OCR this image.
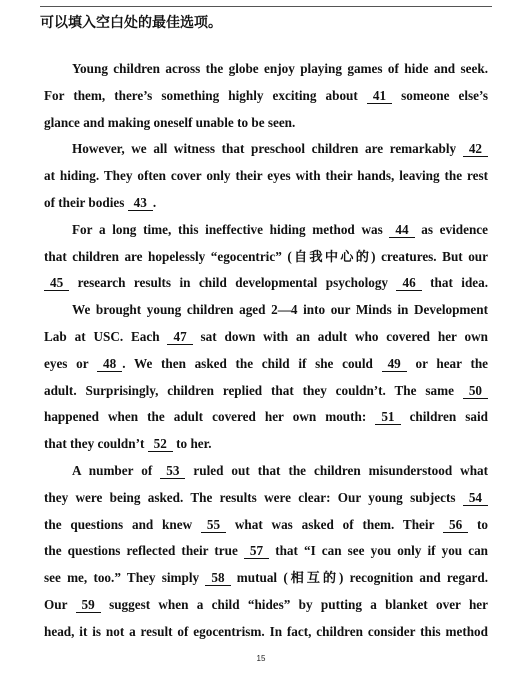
可以填入空白处的最佳选项。
Young children across the globe enjoy playing games of hide and seek.
For them, there’s something highly exciting about 41 someone else’s
glance and making oneself unable to be seen.
However, we all witness that preschool children are remarkably 42
at hiding. They often cover only their eyes with their hands, leaving the rest
of their bodies 43 .
For a long time, this ineffective hiding method was 44 as evidence
that children are hopelessly “egocentric” (自我中心的) creatures. But our
45 research results in child developmental psychology 46 that idea.
We brought young children aged 2—4 into our Minds in Development
Lab at USC. Each 47 sat down with an adult who covered her own
eyes or 48 . We then asked the child if she could 49 or hear the
adult. Surprisingly, children replied that they couldn’t. The same 50
happened when the adult covered her own mouth: 51 children said
that they couldn’t 52 to her.
A number of 53 ruled out that the children misunderstood what
they were being asked. The results were clear: Our young subjects 54
the questions and knew 55 what was asked of them. Their 56 to
the questions reflected their true 57 that “I can see you only if you can
see me, too.” They simply 58 mutual (相互的) recognition and regard.
Our 59 suggest when a child “hides” by putting a blanket over her
head, it is not a result of egocentrism. In fact, children consider this method
15
